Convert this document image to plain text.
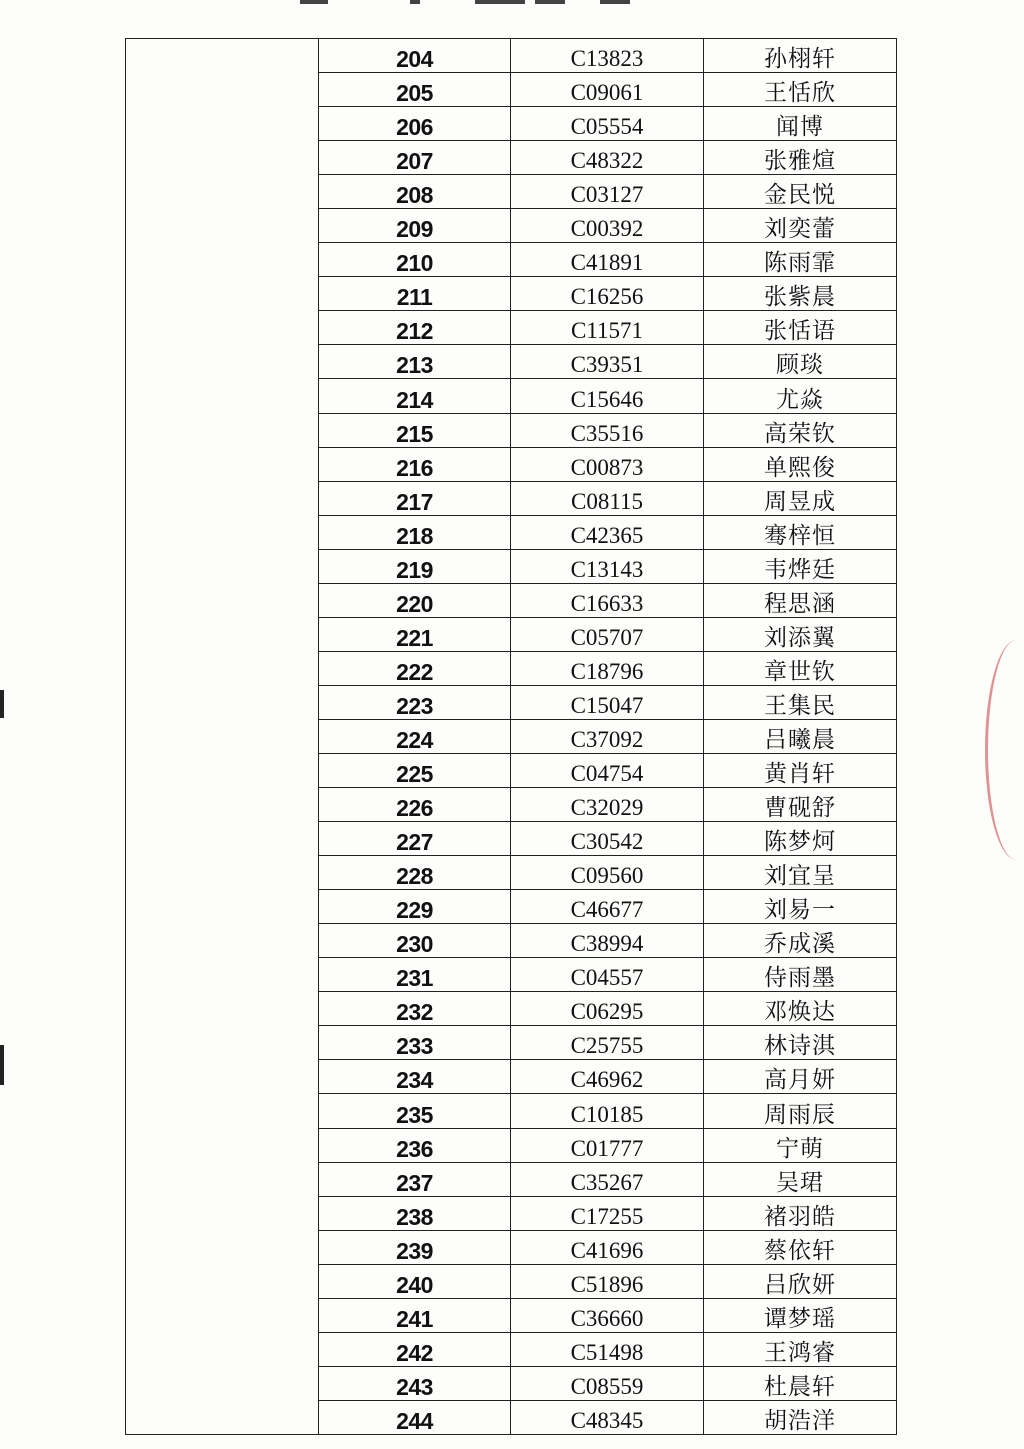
	204	C13823	孙栩轩
	205	C09061	王恬欣
	206	C05554	闻博
	207	C48322	张雅煊
	208	C03127	金民悦
	209	C00392	刘奕蕾
	210	C41891	陈雨霏
	211	C16256	张紫晨
	212	C11571	张恬语
	213	C39351	顾琰
	214	C15646	尤焱
	215	C35516	高荣钦
	216	C00873	单熙俊
	217	C08115	周昱成
	218	C42365	骞梓恒
	219	C13143	韦烨廷
	220	C16633	程思涵
	221	C05707	刘添翼
	222	C18796	章世钦
	223	C15047	王集民
	224	C37092	吕曦晨
	225	C04754	黄肖轩
	226	C32029	曹砚舒
	227	C30542	陈梦炣
	228	C09560	刘宜呈
	229	C46677	刘易一
	230	C38994	乔成溪
	231	C04557	侍雨墨
	232	C06295	邓焕达
	233	C25755	林诗淇
	234	C46962	高月妍
	235	C10185	周雨辰
	236	C01777	宁萌
	237	C35267	吴珺
	238	C17255	褚羽皓
	239	C41696	蔡依轩
	240	C51896	吕欣妍
	241	C36660	谭梦瑶
	242	C51498	王鸿睿
	243	C08559	杜晨轩
	244	C48345	胡浩洋
